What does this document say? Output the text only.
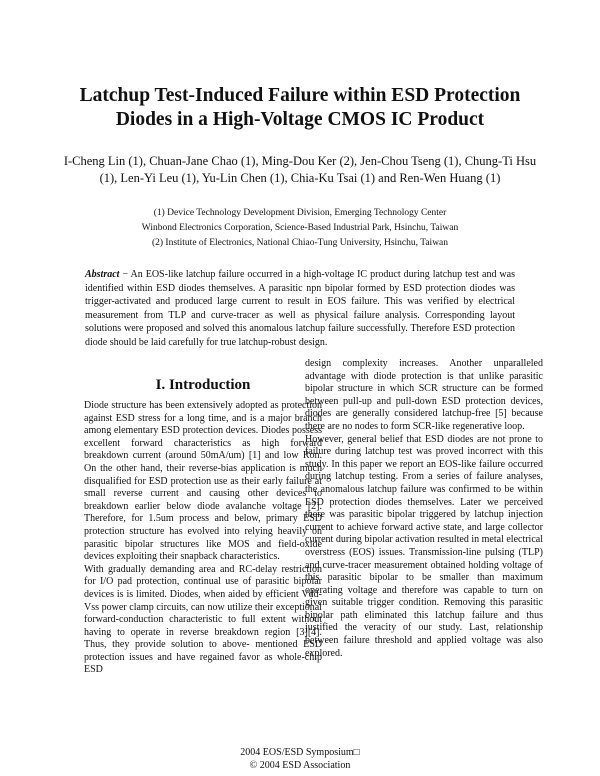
Latchup Test-Induced Failure within ESD Protection
Diodes in a High-Voltage CMOS IC Product
I-Cheng Lin (1), Chuan-Jane Chao (1), Ming-Dou Ker (2), Jen-Chou Tseng (1), Chung-Ti Hsu
(1), Len-Yi Leu (1), Yu-Lin Chen (1), Chia-Ku Tsai (1) and Ren-Wen Huang (1)
(1) Device Technology Development Division, Emerging Technology Center
Winbond Electronics Corporation, Science-Based Industrial Park, Hsinchu, Taiwan
(2) Institute of Electronics, National Chiao-Tung University, Hsinchu, Taiwan
Abstract − An EOS-like latchup failure occurred in a high-voltage IC product during latchup test and was identified within ESD diodes themselves. A parasitic npn bipolar formed by ESD protection diodes was trigger-activated and produced large current to result in EOS failure. This was verified by electrical measurement from TLP and curve-tracer as well as physical failure analysis. Corresponding layout solutions were proposed and solved this anomalous latchup failure successfully. Therefore ESD protection diode should be laid carefully for true latchup-robust design.
I. Introduction

Diode structure has been extensively adopted as protection against ESD stress for a long time, and is a major branch among elementary ESD protection devices. Diodes possess excellent forward characteristics as high forward breakdown current (around 50mA/um) [1] and low Ron. On the other hand, their reverse-bias application is much disqualified for ESD protection use as their early failure at small reverse current and causing other devices to breakdown earlier below diode avalanche voltage [2]. Therefore, for 1.5um process and below, primary ESD protection structure has evolved into relying heavily on parasitic bipolar structures like MOS and field-oxide devices exploiting their snapback characteristics.

With gradually demanding area and RC-delay restriction for I/O pad protection, continual use of parasitic bipolar devices is is limited. Diodes, when aided by efficient Vdd-Vss power clamp circuits, can now utilize their exceptional forward-conduction characteristic to full extent without having to operate in reverse breakdown region [3][4]. Thus, they provide solution to above- mentioned ESD protection issues and have regained favor as whole-chip ESD

design complexity increases. Another unparalleled advantage with diode protection is that unlike parasitic bipolar structure in which SCR structure can be formed between pull-up and pull-down ESD protection devices, diodes are generally considered latchup-free [5] because there are no nodes to form SCR-like regenerative loop.

However, general belief that ESD diodes are not prone to failure during latchup test was proved incorrect with this study. In this paper we report an EOS-like failure occurred during latchup testing. From a series of failure analyses, the anomalous latchup failure was confirmed to be within ESD protection diodes themselves. Later we perceived there was parasitic bipolar triggered by latchup injection current to achieve forward active state, and large collector current during bipolar activation resulted in metal electrical overstress (EOS) issues. Transmission-line pulsing (TLP) and curve-tracer measurement obtained holding voltage of this parasitic bipolar to be smaller than maximum operating voltage and therefore was capable to turn on given suitable trigger condition. Removing this parasitic bipolar path eliminated this latchup failure and thus justified the veracity of our study. Last, relationship between failure threshold and applied voltage was also explored.

2004 EOS/ESD Symposium□
© 2004 ESD Association
